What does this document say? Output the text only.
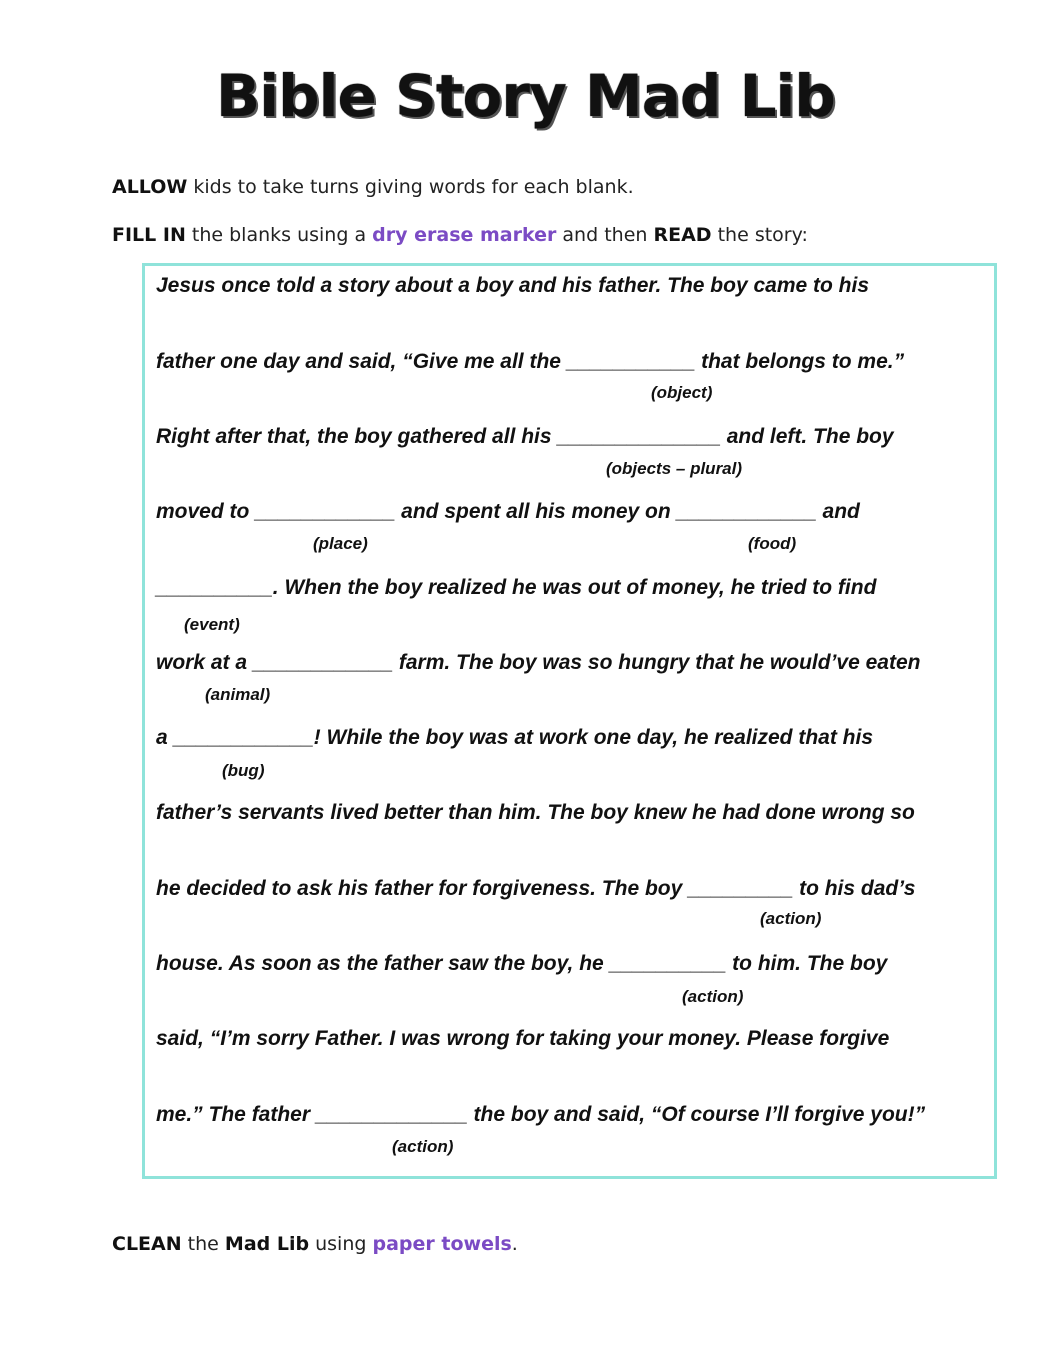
Bible Story Mad Lib
ALLOW kids to take turns giving words for each blank.
FILL IN the blanks using a dry erase marker and then READ the story:
Jesus once told a story about a boy and his father. The boy came to his
father one day and said, “Give me all the ___________ that belongs to me.”
(object)
Right after that, the boy gathered all his ______________ and left. The boy
(objects – plural)
moved to ____________ and spent all his money on ____________ and
(place)	(food)
__________. When the boy realized he was out of money, he tried to find
(event)
work at a ____________ farm. The boy was so hungry that he would’ve eaten
(animal)
a ____________! While the boy was at work one day, he realized that his
(bug)
father’s servants lived better than him. The boy knew he had done wrong so
he decided to ask his father for forgiveness. The boy _________ to his dad’s
(action)
house. As soon as the father saw the boy, he __________ to him. The boy
(action)
said, “I’m sorry Father. I was wrong for taking your money. Please forgive
me.” The father _____________ the boy and said, “Of course I’ll forgive you!”
(action)
CLEAN the Mad Lib using paper towels.
